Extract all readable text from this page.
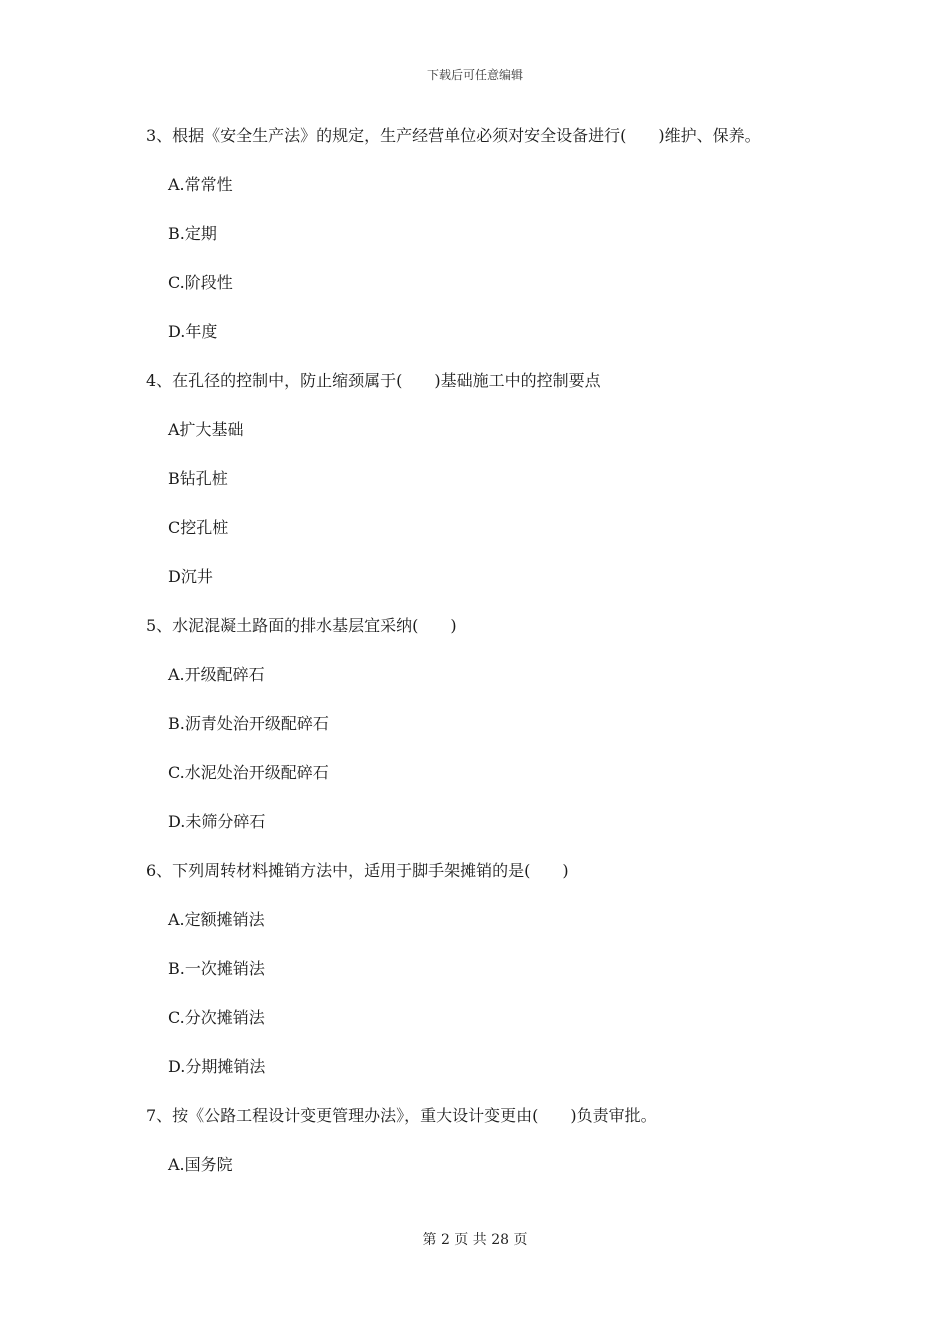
下载后可任意编辑
3、根据《安全生产法》的规定，生产经营单位必须对安全设备进行(　　)维护、保养。
A.常常性
B.定期
C.阶段性
D.年度
4、在孔径的控制中，防止缩颈属于(　　)基础施工中的控制要点
A扩大基础
B钻孔桩
C挖孔桩
D沉井
5、水泥混凝土路面的排水基层宜采纳(　　)
A.开级配碎石
B.沥青处治开级配碎石
C.水泥处治开级配碎石
D.未筛分碎石
6、下列周转材料摊销方法中，适用于脚手架摊销的是(　　)
A.定额摊销法
B.一次摊销法
C.分次摊销法
D.分期摊销法
7、按《公路工程设计变更管理办法》，重大设计变更由(　　)负责审批。
A.国务院
第 2 页 共 28 页
